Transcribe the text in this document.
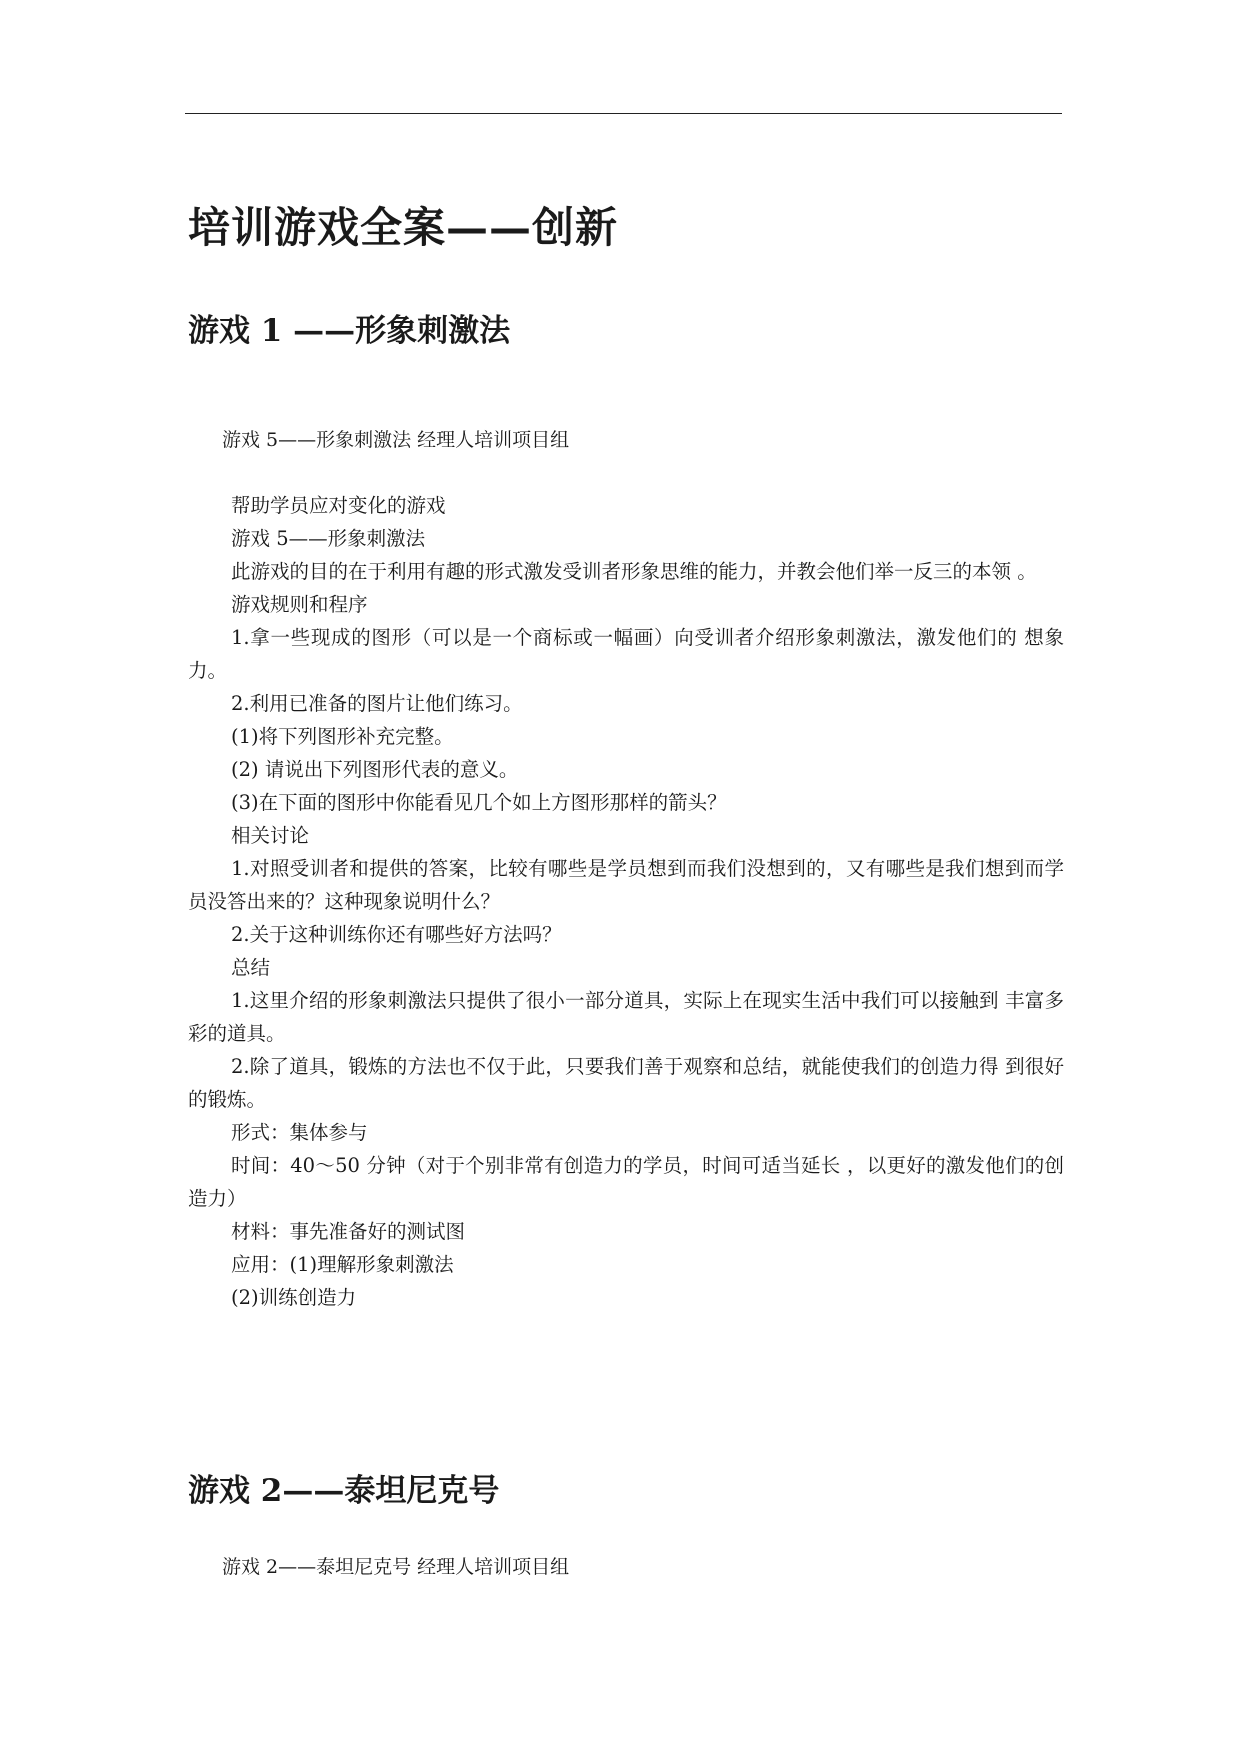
培训游戏全案——创新
游戏 1 ——形象刺激法

游戏 5——形象刺激法 经理人培训项目组

帮助学员应对变化的游戏

游戏 5——形象刺激法

此游戏的目的在于利用有趣的形式激发受训者形象思维的能力，并教会他们举一反三的本领 。

游戏规则和程序

1.拿一些现成的图形（可以是一个商标或一幅画）向受训者介绍形象刺激法，激发他们的 想象力。

2.利用已准备的图片让他们练习。

(1)将下列图形补充完整。

(2) 请说出下列图形代表的意义。

(3)在下面的图形中你能看见几个如上方图形那样的箭头？

相关讨论

1.对照受训者和提供的答案，比较有哪些是学员想到而我们没想到的，又有哪些是我们想到而学员没答出来的？这种现象说明什么？

2.关于这种训练你还有哪些好方法吗？

总结

1.这里介绍的形象刺激法只提供了很小一部分道具，实际上在现实生活中我们可以接触到 丰富多彩的道具。

2.除了道具，锻炼的方法也不仅于此，只要我们善于观察和总结，就能使我们的创造力得 到很好的锻炼。

形式：集体参与

时间：40～50 分钟（对于个别非常有创造力的学员，时间可适当延长 ，以更好的激发他们的创造力）

材料：事先准备好的测试图

应用：(1)理解形象刺激法

(2)训练创造力

游戏 2——泰坦尼克号

游戏 2——泰坦尼克号 经理人培训项目组
